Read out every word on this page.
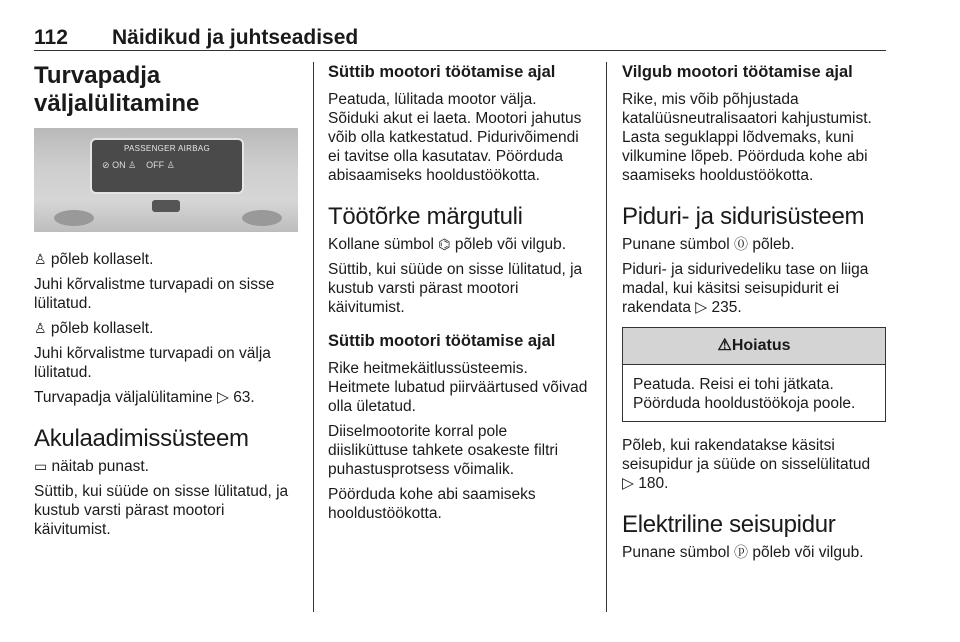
112 Näidikud ja juhtseadised
Turvapadja väljalülitamine
PASSENGER AIRBAG
⊘ ON ♙ OFF ♙

♙ põleb kollaselt.

Juhi kõrvalistme turvapadi on sisse lülitatud.

♙ põleb kollaselt.

Juhi kõrvalistme turvapadi on välja lülitatud.

Turvapadja väljalülitamine ▷ 63.

Akulaadimissüsteem

▭ näitab punast.

Süttib, kui süüde on sisse lülitatud, ja kustub varsti pärast mootori käivitumist.

Süttib mootori töötamise ajal

Peatuda, lülitada mootor välja. Sõiduki akut ei laeta. Mootori jahutus võib olla katkestatud. Pidurivõimendi ei tavitse olla kasutatav. Pöörduda abisaamiseks hooldustöökotta.

Töötõrke märgutuli

Kollane sümbol ⌬ põleb või vilgub.

Süttib, kui süüde on sisse lülitatud, ja kustub varsti pärast mootori käivitumist.

Süttib mootori töötamise ajal

Rike heitmekäitlussüsteemis. Heitmete lubatud piirväärtused võivad olla ületatud.

Diiselmootorite korral pole diisliküttuse tahkete osakeste filtri puhastusprotsess võimalik.

Pöörduda kohe abi saamiseks hooldustöökotta.

Vilgub mootori töötamise ajal

Rike, mis võib põhjustada katalüüsneutralisaatori kahjustumist. Lasta seguklappi lõdvemaks, kuni vilkumine lõpeb. Pöörduda kohe abi saamiseks hooldustöökotta.

Piduri- ja sidurisüsteem

Punane sümbol ⓪ põleb.

Piduri- ja sidurivedeliku tase on liiga madal, kui käsitsi seisupidurit ei rakendata ▷ 235.

⚠Hoiatus

Peatuda. Reisi ei tohi jätkata. Pöörduda hooldustöökoja poole.

Põleb, kui rakendatakse käsitsi seisupidur ja süüde on sisselülitatud
▷ 180.

Elektriline seisupidur

Punane sümbol ⓟ põleb või vilgub.
